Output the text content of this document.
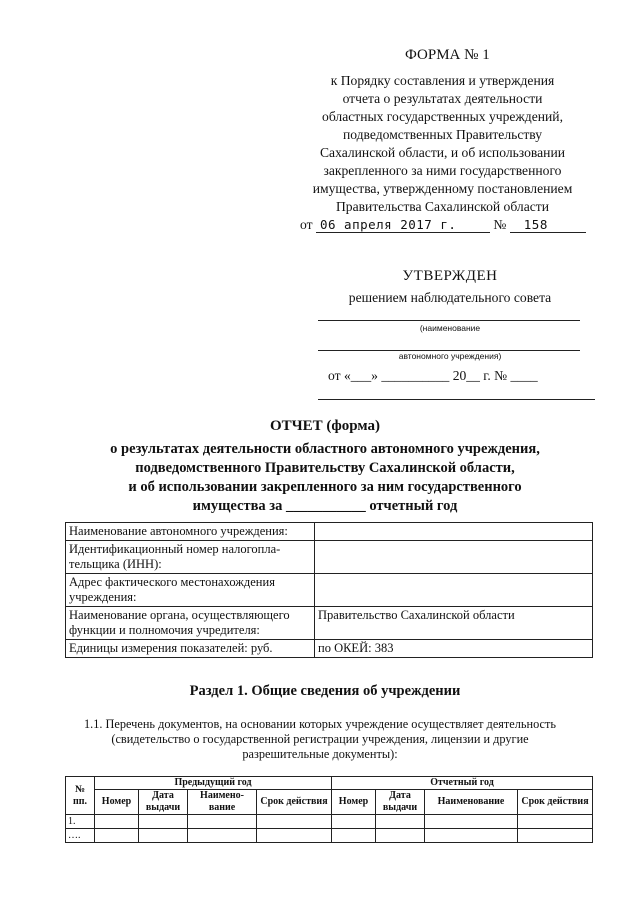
ФОРМА № 1
к Порядку составления и утверждения
отчета о результатах деятельности
областных государственных учреждений,
подведомственных Правительству
Сахалинской области, и об использовании
закрепленного за ними государственного
имущества, утвержденному постановлением
Правительства Сахалинской области
от 06 апреля 2017 г.	№ 158
УТВЕРЖДЕН
решением наблюдательного совета
(наименование
автономного учреждения)
от «___» __________ 20__ г. № ____
ОТЧЕТ (форма)
о результатах деятельности областного автономного учреждения,
подведомственного Правительству Сахалинской области,
и об использовании закрепленного за ним государственного
имущества за ___________ отчетный год
Наименование автономного учреждения:	
Идентификационный номер налогопла-тельщика (ИНН):	
Адрес фактического местонахождения учреждения:	
Наименование органа, осуществляющего функции и полномочия учредителя:	Правительство Сахалинской области
Единицы измерения показателей: руб.	по ОКЕЙ: 383
Раздел 1. Общие сведения об учреждении
1.1. Перечень документов, на основании которых учреждение осуществляет деятельность (свидетельство о государственной регистрации учреждения, лицензии и другие разрешительные документы):
№ пп.	Предыдущий год				Отчетный год			
	Номер	Дата выдачи	Наимено-вание	Срок действия	Номер	Дата выдачи	Наименование	Срок действия
1.								
….								
